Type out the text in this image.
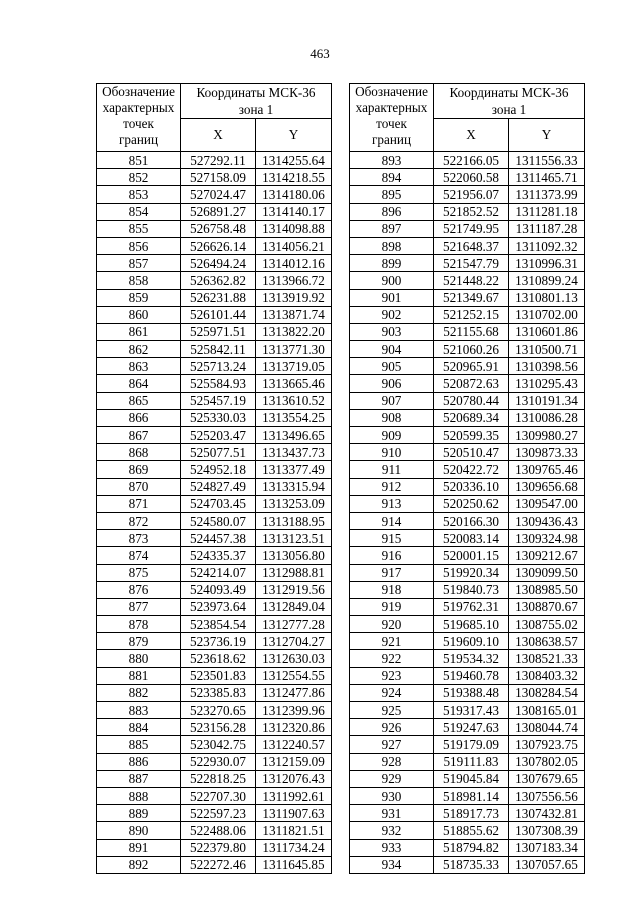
463
Обозначение
характерных
точек
границ	Координаты МСК-36
зона 1	

	X	Y
851	527292.11	1314255.64
852	527158.09	1314218.55
853	527024.47	1314180.06
854	526891.27	1314140.17
855	526758.48	1314098.88
856	526626.14	1314056.21
857	526494.24	1314012.16
858	526362.82	1313966.72
859	526231.88	1313919.92
860	526101.44	1313871.74
861	525971.51	1313822.20
862	525842.11	1313771.30
863	525713.24	1313719.05
864	525584.93	1313665.46
865	525457.19	1313610.52
866	525330.03	1313554.25
867	525203.47	1313496.65
868	525077.51	1313437.73
869	524952.18	1313377.49
870	524827.49	1313315.94
871	524703.45	1313253.09
872	524580.07	1313188.95
873	524457.38	1313123.51
874	524335.37	1313056.80
875	524214.07	1312988.81
876	524093.49	1312919.56
877	523973.64	1312849.04
878	523854.54	1312777.28
879	523736.19	1312704.27
880	523618.62	1312630.03
881	523501.83	1312554.55
882	523385.83	1312477.86
883	523270.65	1312399.96
884	523156.28	1312320.86
885	523042.75	1312240.57
886	522930.07	1312159.09
887	522818.25	1312076.43
888	522707.30	1311992.61
889	522597.23	1311907.63
890	522488.06	1311821.51
891	522379.80	1311734.24
892	522272.46	1311645.85
Обозначение
характерных
точек
границ	Координаты МСК-36
зона 1	

	X	Y
893	522166.05	1311556.33
894	522060.58	1311465.71
895	521956.07	1311373.99
896	521852.52	1311281.18
897	521749.95	1311187.28
898	521648.37	1311092.32
899	521547.79	1310996.31
900	521448.22	1310899.24
901	521349.67	1310801.13
902	521252.15	1310702.00
903	521155.68	1310601.86
904	521060.26	1310500.71
905	520965.91	1310398.56
906	520872.63	1310295.43
907	520780.44	1310191.34
908	520689.34	1310086.28
909	520599.35	1309980.27
910	520510.47	1309873.33
911	520422.72	1309765.46
912	520336.10	1309656.68
913	520250.62	1309547.00
914	520166.30	1309436.43
915	520083.14	1309324.98
916	520001.15	1309212.67
917	519920.34	1309099.50
918	519840.73	1308985.50
919	519762.31	1308870.67
920	519685.10	1308755.02
921	519609.10	1308638.57
922	519534.32	1308521.33
923	519460.78	1308403.32
924	519388.48	1308284.54
925	519317.43	1308165.01
926	519247.63	1308044.74
927	519179.09	1307923.75
928	519111.83	1307802.05
929	519045.84	1307679.65
930	518981.14	1307556.56
931	518917.73	1307432.81
932	518855.62	1307308.39
933	518794.82	1307183.34
934	518735.33	1307057.65
